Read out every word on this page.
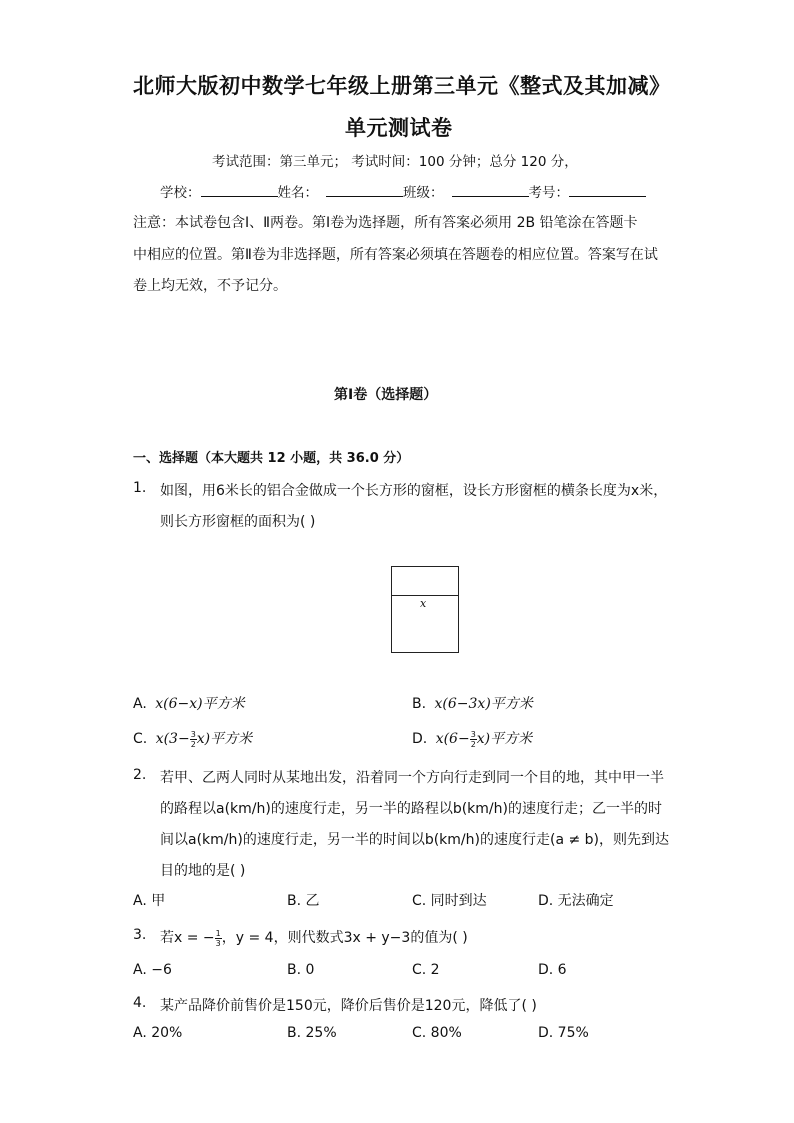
北师大版初中数学七年级上册第三单元《整式及其加减》
单元测试卷
考试范围：第三单元； 考试时间：100 分钟；总分 120 分，
学校：	姓名：	班级：	考号：
注意：本试卷包含Ⅰ、Ⅱ两卷。第Ⅰ卷为选择题，所有答案必须用 2B 铅笔涂在答题卡
中相应的位置。第Ⅱ卷为非选择题，所有答案必须填在答题卷的相应位置。答案写在试
卷上均无效，不予记分。
第Ⅰ卷（选择题）
一、选择题（本大题共 12 小题，共 36.0 分）
1. 如图，用6米长的铝合金做成一个长方形的窗框，设长方形窗框的横条长度为x米，
则长方形窗框的面积为( )
x
A. x(6−x)平方米	B. x(6−3x)平方米
C. $x(3- \frac{3}{2} x)$平方米	D. $x(6- \frac{3}{2} x)$平方米
2. 若甲、乙两人同时从某地出发，沿着同一个方向行走到同一个目的地，其中甲一半
的路程以a(km/h)的速度行走，另一半的路程以b(km/h)的速度行走；乙一半的时
间以a(km/h)的速度行走，另一半的时间以b(km/h)的速度行走(a ≠ b)，则先到达
目的地的是( )
A. 甲	B. 乙	C. 同时到达	D. 无法确定
3. 若x = − $\frac{1}{3}$ ，y = 4，则代数式3x + y−3的值为( )
A. −6	B. 0	C. 2	D. 6
4. 某产品降价前售价是150元，降价后售价是120元，降低了( )
A. 20%	B. 25%	C. 80%	D. 75%
